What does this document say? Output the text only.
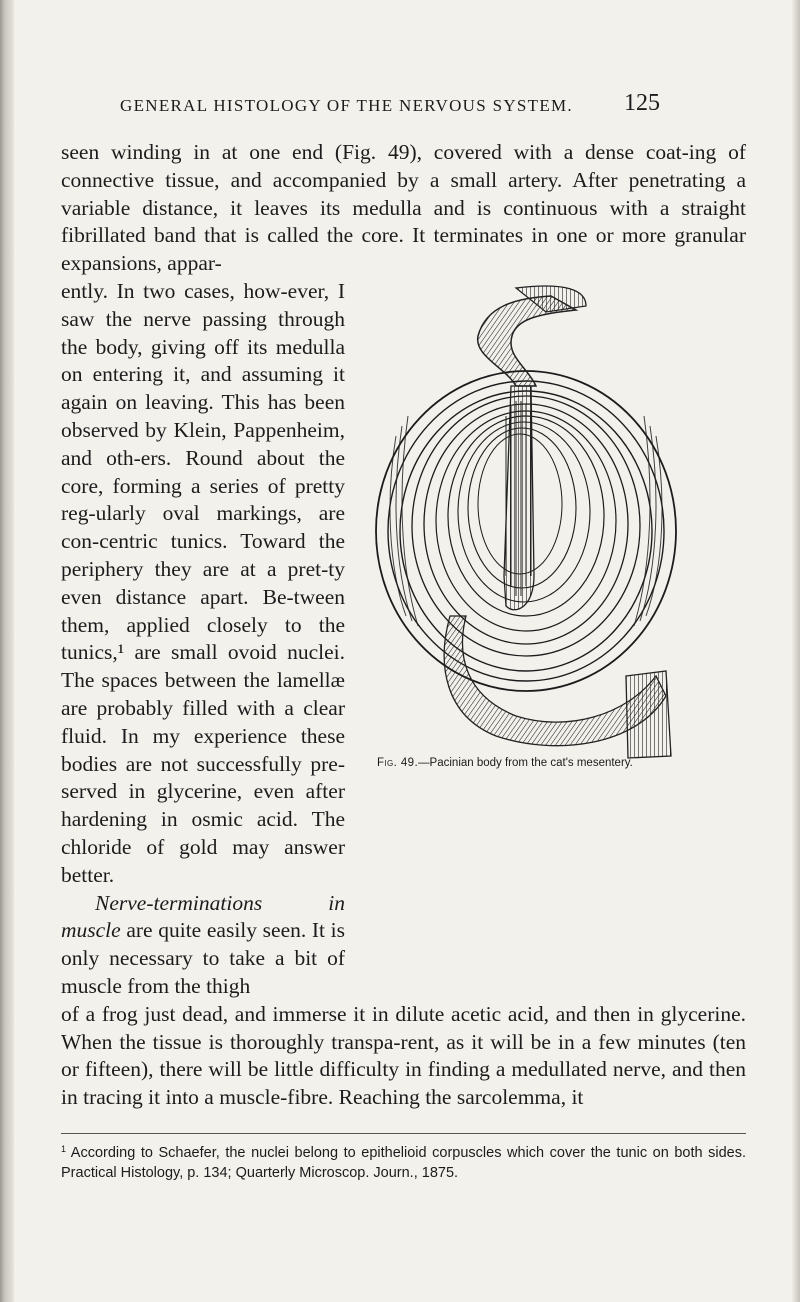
GENERAL HISTOLOGY OF THE NERVOUS SYSTEM. 125

seen winding in at one end (Fig. 49), covered with a dense coat-ing of connective tissue, and accompanied by a small artery. After penetrating a variable distance, it leaves its medulla and is continuous with a straight fibrillated band that is called the core. It terminates in one or more granular expansions, appar-

ently. In two cases, how-ever, I saw the nerve passing through the body, giving off its medulla on entering it, and assuming it again on leaving. This has been observed by Klein, Pappenheim, and oth-ers. Round about the core, forming a series of pretty reg-ularly oval markings, are con-centric tunics. Toward the periphery they are at a pret-ty even distance apart. Be-tween them, applied closely to the tunics,¹ are small ovoid nuclei. The spaces between the lamellæ are probably filled with a clear fluid. In my experience these bodies are not successfully pre-served in glycerine, even after hardening in osmic acid. The chloride of gold may answer better.

Nerve-terminations in muscle are quite easily seen. It is only necessary to take a bit of muscle from the thigh

of a frog just dead, and immerse it in dilute acetic acid, and then in glycerine. When the tissue is thoroughly transpa-rent, as it will be in a few minutes (ten or fifteen), there will be little difficulty in finding a medullated nerve, and then in tracing it into a muscle-fibre. Reaching the sarcolemma, it

Fig. 49.—Pacinian body from the cat's mesentery.
$^1$ According to Schaefer, the nuclei belong to epithelioid corpuscles which cover the tunic on both sides. Practical Histology, p. 134; Quarterly Microscop. Journ., 1875.
